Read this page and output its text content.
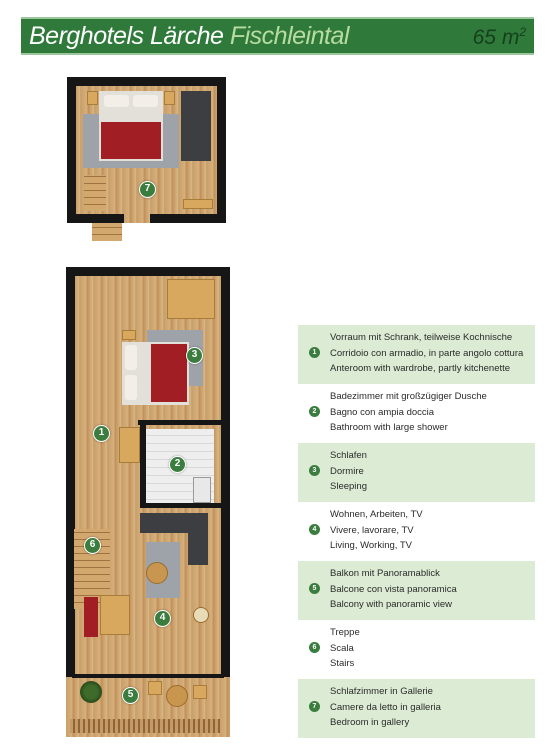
Berghotels Lärche Fischleintal	65 $m^2$
7
3
2
1
6
4
5
1
Vorraum mit Schrank, teilweise Kochnische
Corridoio con armadio, in parte angolo cottura
Anteroom with wardrobe, partly kitchenette
2
Badezimmer mit großzügiger Dusche
Bagno con ampia doccia
Bathroom with large shower
3
Schlafen
Dormire
Sleeping
4
Wohnen, Arbeiten, TV
Vivere, lavorare, TV
Living, Working, TV
5
Balkon mit Panoramablick
Balcone con vista panoramica
Balcony with panoramic view
6
Treppe
Scala
Stairs
7
Schlafzimmer in Gallerie
Camere da letto in galleria
Bedroom in gallery
